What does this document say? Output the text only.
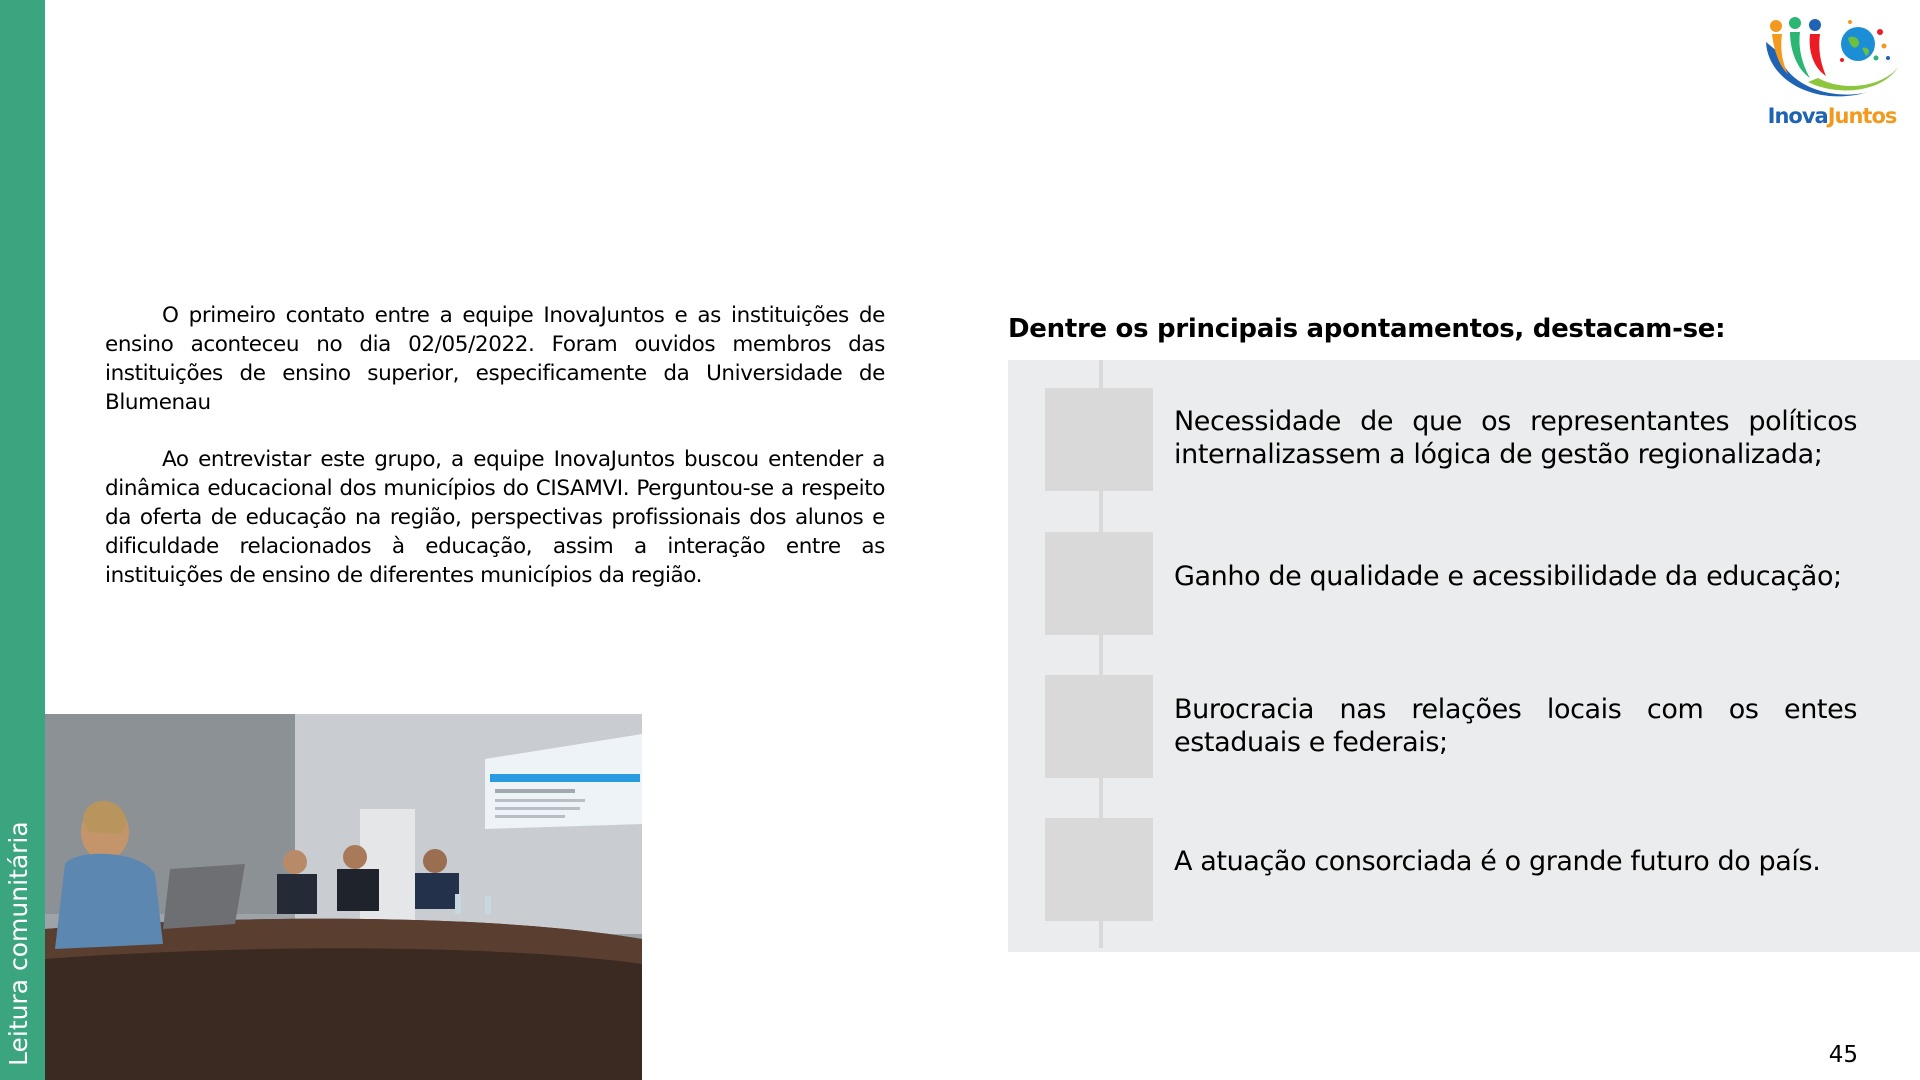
Leitura comunitária
InovaJuntos

O primeiro contato entre a equipe InovaJuntos e as instituições de ensino aconteceu no dia 02/05/2022. Foram ouvidos membros das instituições de ensino superior, especificamente da Universidade de Blumenau

Ao entrevistar este grupo, a equipe InovaJuntos buscou entender a dinâmica educacional dos municípios do CISAMVI. Perguntou-se a respeito da oferta de educação na região, perspectivas profissionais dos alunos e dificuldade relacionados à educação, assim a interação entre as instituições de ensino de diferentes municípios da região.

Dentre os principais apontamentos, destacam-se:
Necessidade de que os representantes políticos internalizassem a lógica de gestão regionalizada;
Ganho de qualidade e acessibilidade da educação;
Burocracia nas relações locais com os entes estaduais e federais;
A atuação consorciada é o grande futuro do país.
45
